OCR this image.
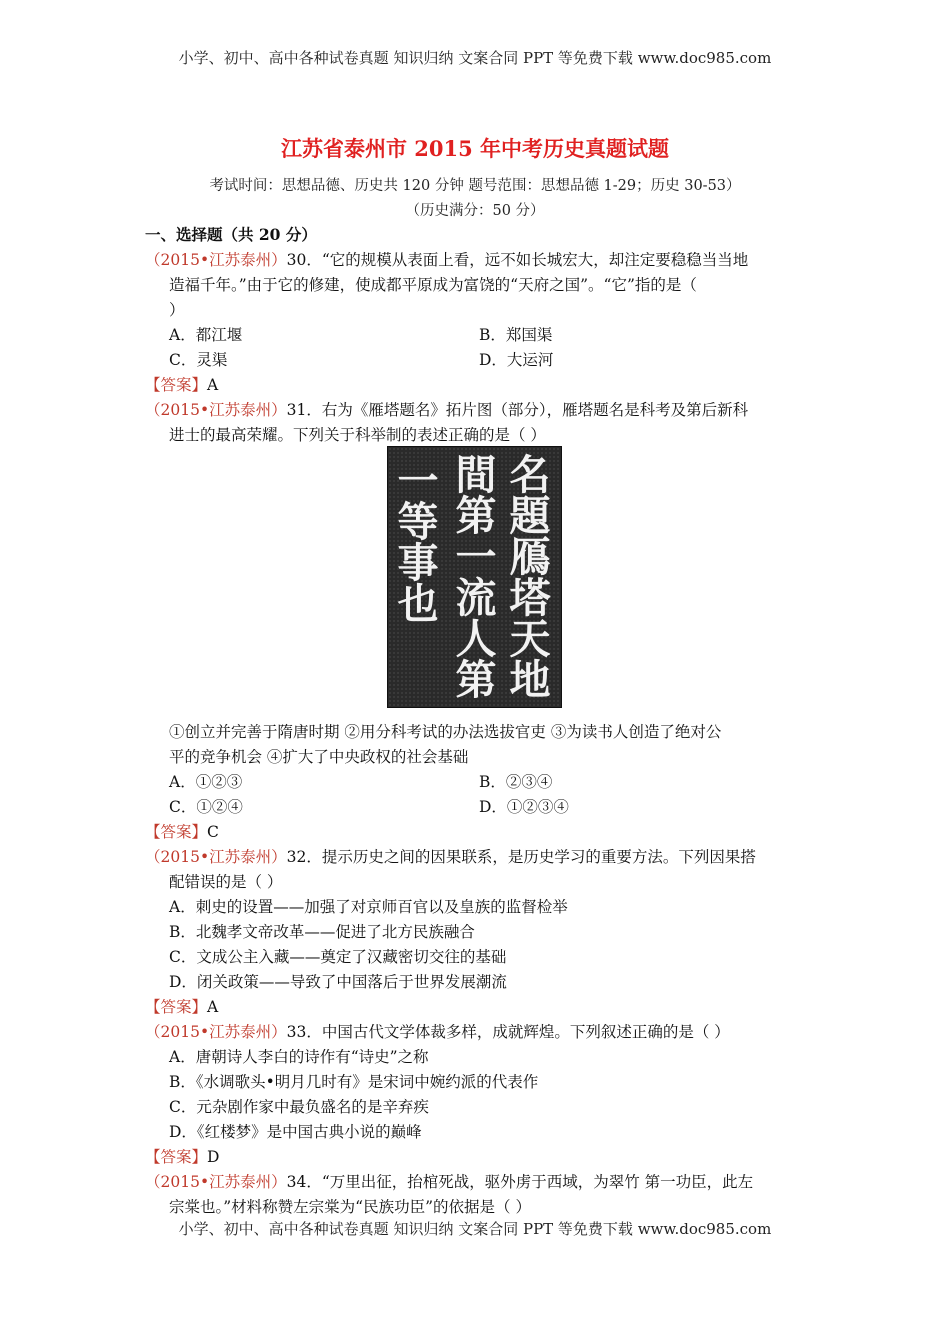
小学、初中、高中各种试卷真题 知识归纳 文案合同 PPT 等免费下载 www.doc985.com
江苏省泰州市 2015 年中考历史真题试题
考试时间：思想品德、历史共 120 分钟 题号范围：思想品德 1-29；历史 30-53）
（历史满分：50 分）
一、选择题（共 20 分）
（2015•江苏泰州）30．“它的规模从表面上看，远不如长城宏大，却注定要稳稳当当地
造福千年。”由于它的修建，使成都平原成为富饶的“天府之国”。“它”指的是（
）
A．都江堰	B．郑国渠
C．灵渠	D．大运河
【答案】A
（2015•江苏泰州）31．右为《雁塔题名》拓片图（部分），雁塔题名是科考及第后新科
进士的最高荣耀。下列关于科举制的表述正确的是（ ）
名
題
鴈
塔
天
地
間
第
一
流
人
第
一
等
事
也
①创立并完善于隋唐时期 ②用分科考试的办法选拔官吏 ③为读书人创造了绝对公
平的竞争机会 ④扩大了中央政权的社会基础
A．①②③	B．②③④
C．①②④	D．①②③④
【答案】C
（2015•江苏泰州）32．提示历史之间的因果联系，是历史学习的重要方法。下列因果搭
配错误的是（ ）
A．刺史的设置——加强了对京师百官以及皇族的监督检举
B．北魏孝文帝改革——促进了北方民族融合
C．文成公主入藏——奠定了汉藏密切交往的基础
D．闭关政策——导致了中国落后于世界发展潮流
【答案】A
（2015•江苏泰州）33．中国古代文学体裁多样，成就辉煌。下列叙述正确的是（ ）
A．唐朝诗人李白的诗作有“诗史”之称
B．《水调歌头•明月几时有》是宋词中婉约派的代表作
C．元杂剧作家中最负盛名的是辛弃疾
D．《红楼梦》是中国古典小说的巅峰
【答案】D
（2015•江苏泰州）34．“万里出征，抬棺死战，驱外虏于西域，为翠竹 第一功臣，此左
宗棠也。”材料称赞左宗棠为“民族功臣”的依据是（ ）
小学、初中、高中各种试卷真题 知识归纳 文案合同 PPT 等免费下载 www.doc985.com
